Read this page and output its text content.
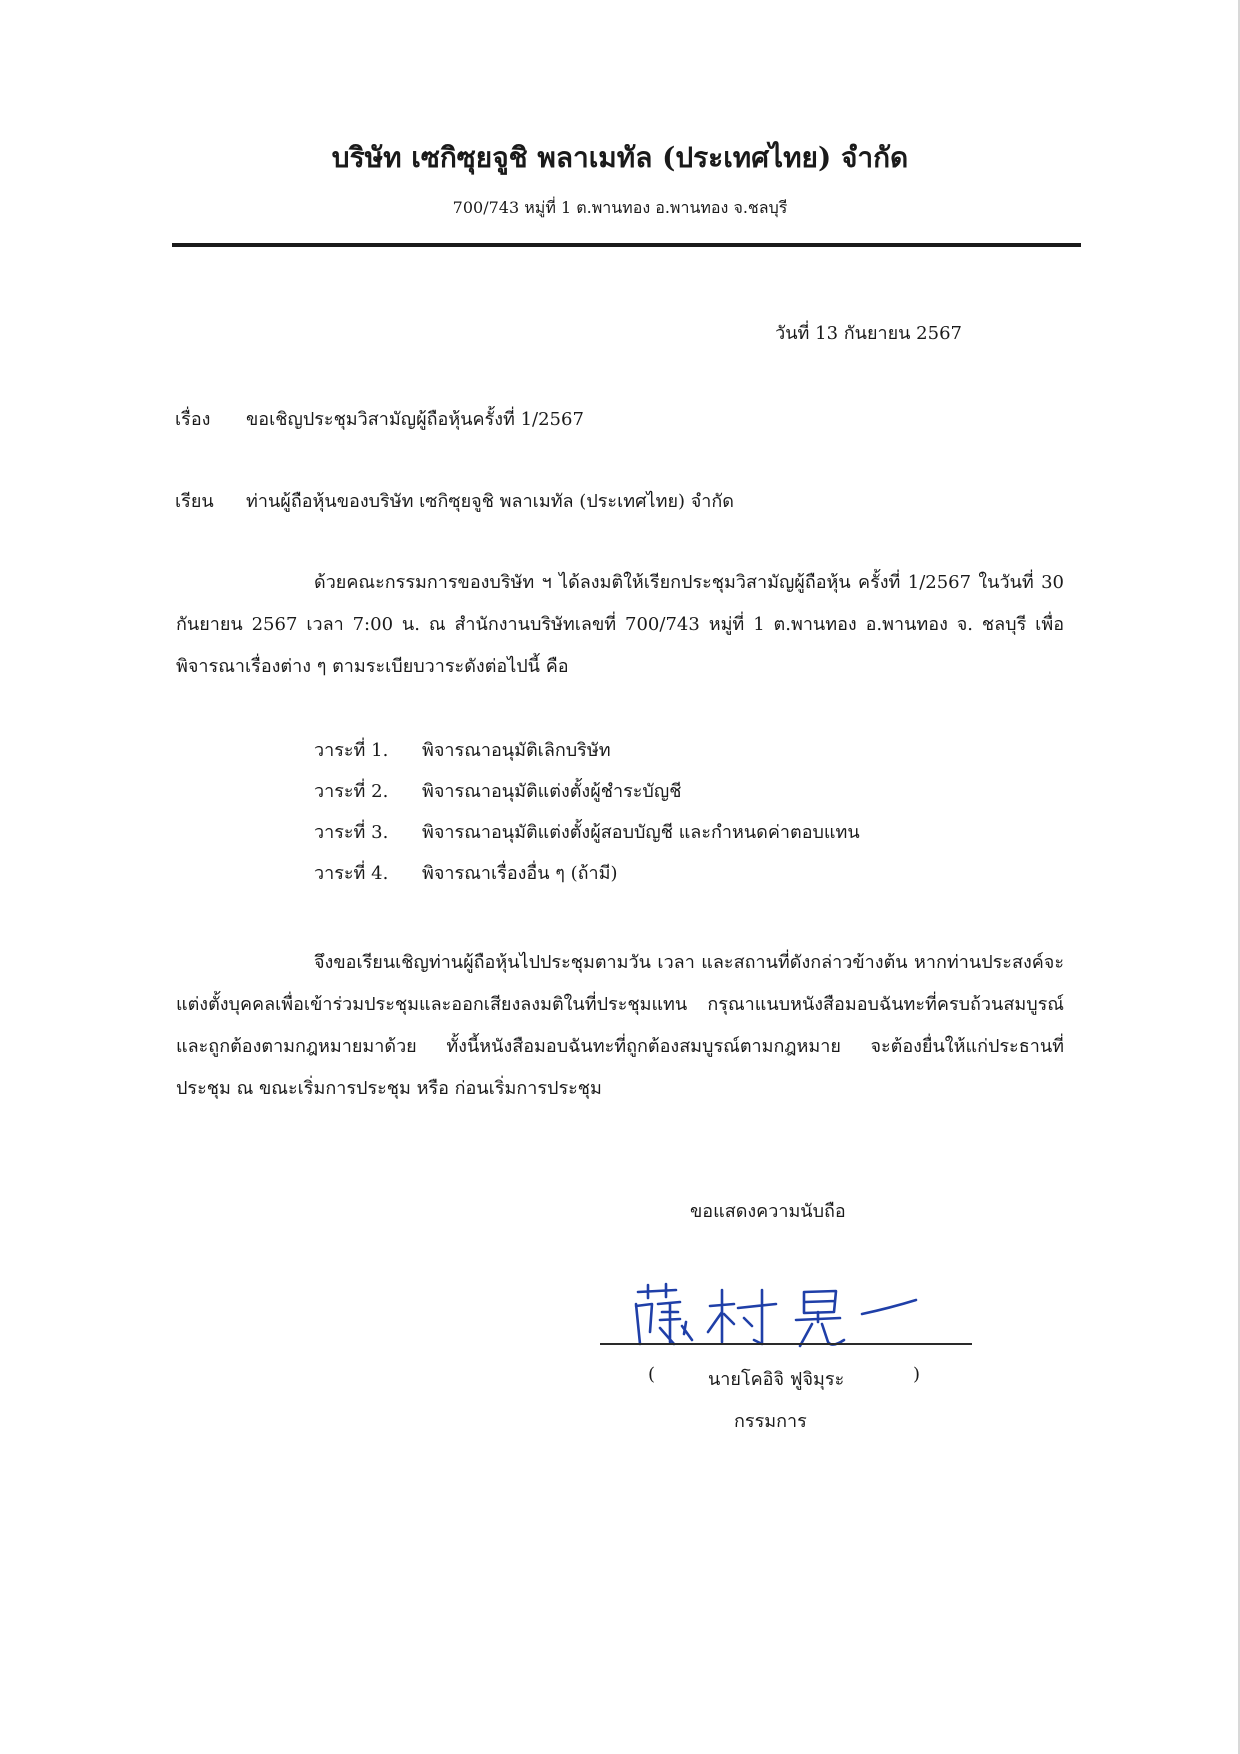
บริษัท เซกิซุยจูชิ พลาเมทัล (ประเทศไทย) จำกัด
700/743 หมู่ที่ 1 ต.พานทอง อ.พานทอง จ.ชลบุรี
วันที่ 13 กันยายน 2567
เรื่อง ขอเชิญประชุมวิสามัญผู้ถือหุ้นครั้งที่ 1/2567
เรียน ท่านผู้ถือหุ้นของบริษัท เซกิซุยจูชิ พลาเมทัล (ประเทศไทย) จำกัด

ด้วยคณะกรรมการของบริษัท ฯ ได้ลงมติให้เรียกประชุมวิสามัญผู้ถือหุ้น ครั้งที่ 1/2567 ในวันที่ 30 กันยายน 2567 เวลา 7:00 น. ณ สำนักงานบริษัทเลขที่ 700/743 หมู่ที่ 1 ต.พานทอง อ.พานทอง จ. ชลบุรี เพื่อพิจารณาเรื่องต่าง ๆ ตามระเบียบวาระดังต่อไปนี้ คือ

วาระที่ 1. พิจารณาอนุมัติเลิกบริษัท
วาระที่ 2. พิจารณาอนุมัติแต่งตั้งผู้ชำระบัญชี
วาระที่ 3. พิจารณาอนุมัติแต่งตั้งผู้สอบบัญชี และกำหนดค่าตอบแทน
วาระที่ 4. พิจารณาเรื่องอื่น ๆ (ถ้ามี)

จึงขอเรียนเชิญท่านผู้ถือหุ้นไปประชุมตามวัน เวลา และสถานที่ดังกล่าวข้างต้น หากท่านประสงค์จะแต่งตั้งบุคคลเพื่อเข้าร่วมประชุมและออกเสียงลงมติในที่ประชุมแทน กรุณาแนบหนังสือมอบฉันทะที่ครบถ้วนสมบูรณ์และถูกต้องตามกฎหมายมาด้วย ทั้งนี้หนังสือมอบฉันทะที่ถูกต้องสมบูรณ์ตามกฎหมาย จะต้องยื่นให้แก่ประธานที่ประชุม ณ ขณะเริ่มการประชุม หรือ ก่อนเริ่มการประชุม

ขอแสดงความนับถือ
(	นายโคอิจิ ฟูจิมุระ	)
กรรมการ
